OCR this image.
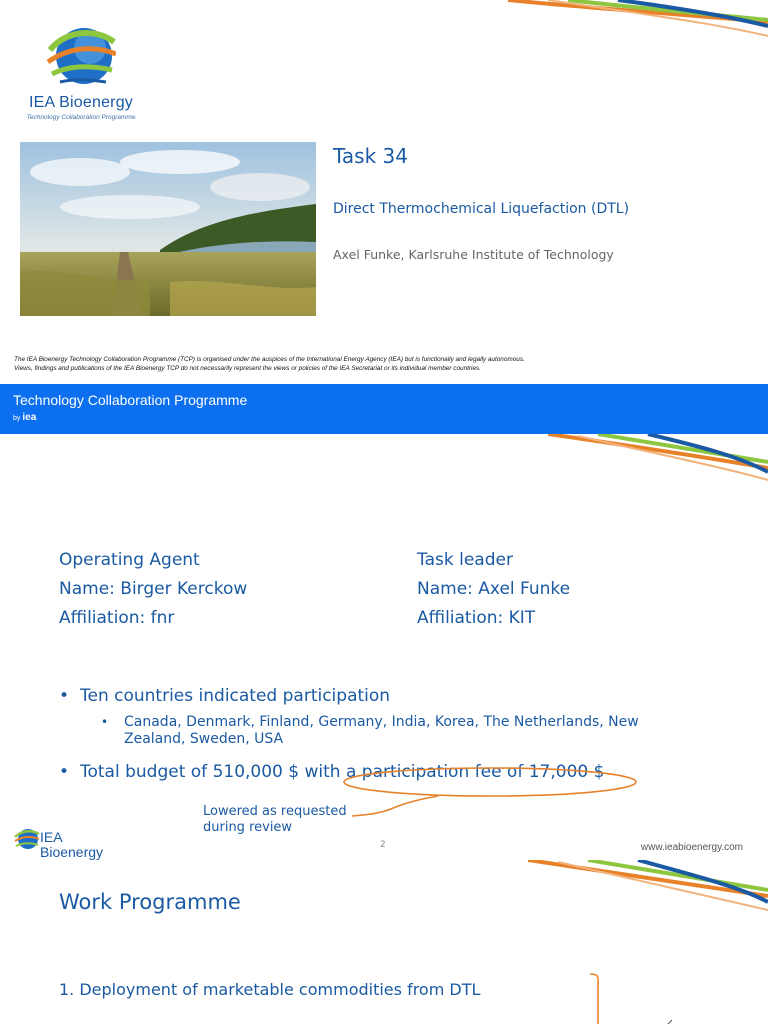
IEA Bioenergy
Technology Collaboration Programme
Task 34
Direct Thermochemical Liquefaction (DTL)
Axel Funke, Karlsruhe Institute of Technology
The IEA Bioenergy Technology Collaboration Programme (TCP) is organised under the auspices of the International Energy Agency (IEA) but is functionally and legally autonomous.
Views, findings and publications of the IEA Bioenergy TCP do not necessarily represent the views or policies of the IEA Secretariat or its individual member countries.
Technology Collaboration Programme
by iea
Operating Agent
Name: Birger Kerckow
Affiliation: fnr
Task leader
Name: Axel Funke
Affiliation: KIT
• Ten countries indicated participation
• Canada, Denmark, Finland, Germany, India, Korea, The Netherlands, New Zealand, Sweden, USA
• Total budget of 510,000 $ with a participation fee of 17,000 $
Lowered as requested
during review
IEA
Bioenergy	2	www.ieabioenergy.com
Work Programme
1. Deployment of marketable commodities from DTL
